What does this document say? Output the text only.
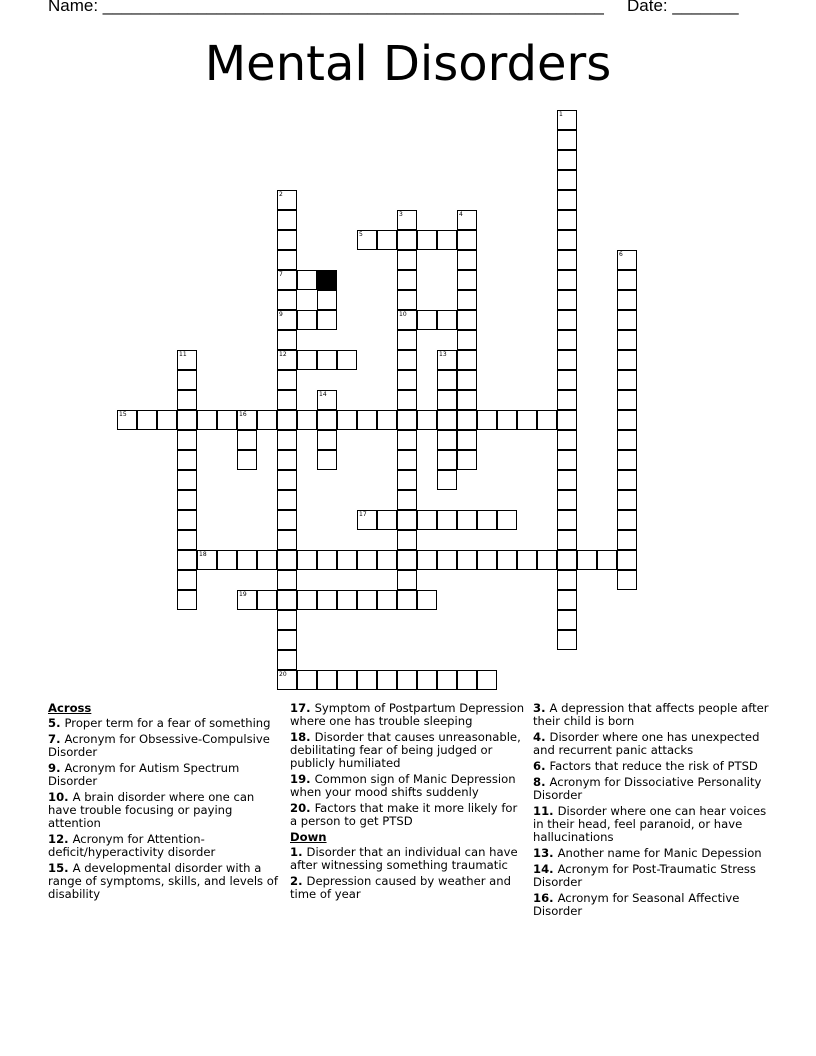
Name: _____________________________________________________ Date: _______
Mental Disorders
1
2
7
9
12
20
3
10
4
5
6
8
11	13
14
15	16
17
18
19
Across
5. Proper term for a fear of something
7. Acronym for Obsessive-Compulsive Disorder
9. Acronym for Autism Spectrum Disorder
10. A brain disorder where one can have trouble focusing or paying attention
12. Acronym for Attention-deficit/hyperactivity disorder
15. A developmental disorder with a range of symptoms, skills, and levels of disability
17. Symptom of Postpartum Depression where one has trouble sleeping
18. Disorder that causes unreasonable, debilitating fear of being judged or publicly humiliated
19. Common sign of Manic Depression when your mood shifts suddenly
20. Factors that make it more likely for a person to get PTSD
Down
1. Disorder that an individual can have after witnessing something traumatic
2. Depression caused by weather and time of year
3. A depression that affects people after their child is born
4. Disorder where one has unexpected and recurrent panic attacks
6. Factors that reduce the risk of PTSD
8. Acronym for Dissociative Personality Disorder
11. Disorder where one can hear voices in their head, feel paranoid, or have hallucinations
13. Another name for Manic Depession
14. Acronym for Post-Traumatic Stress Disorder
16. Acronym for Seasonal Affective Disorder
